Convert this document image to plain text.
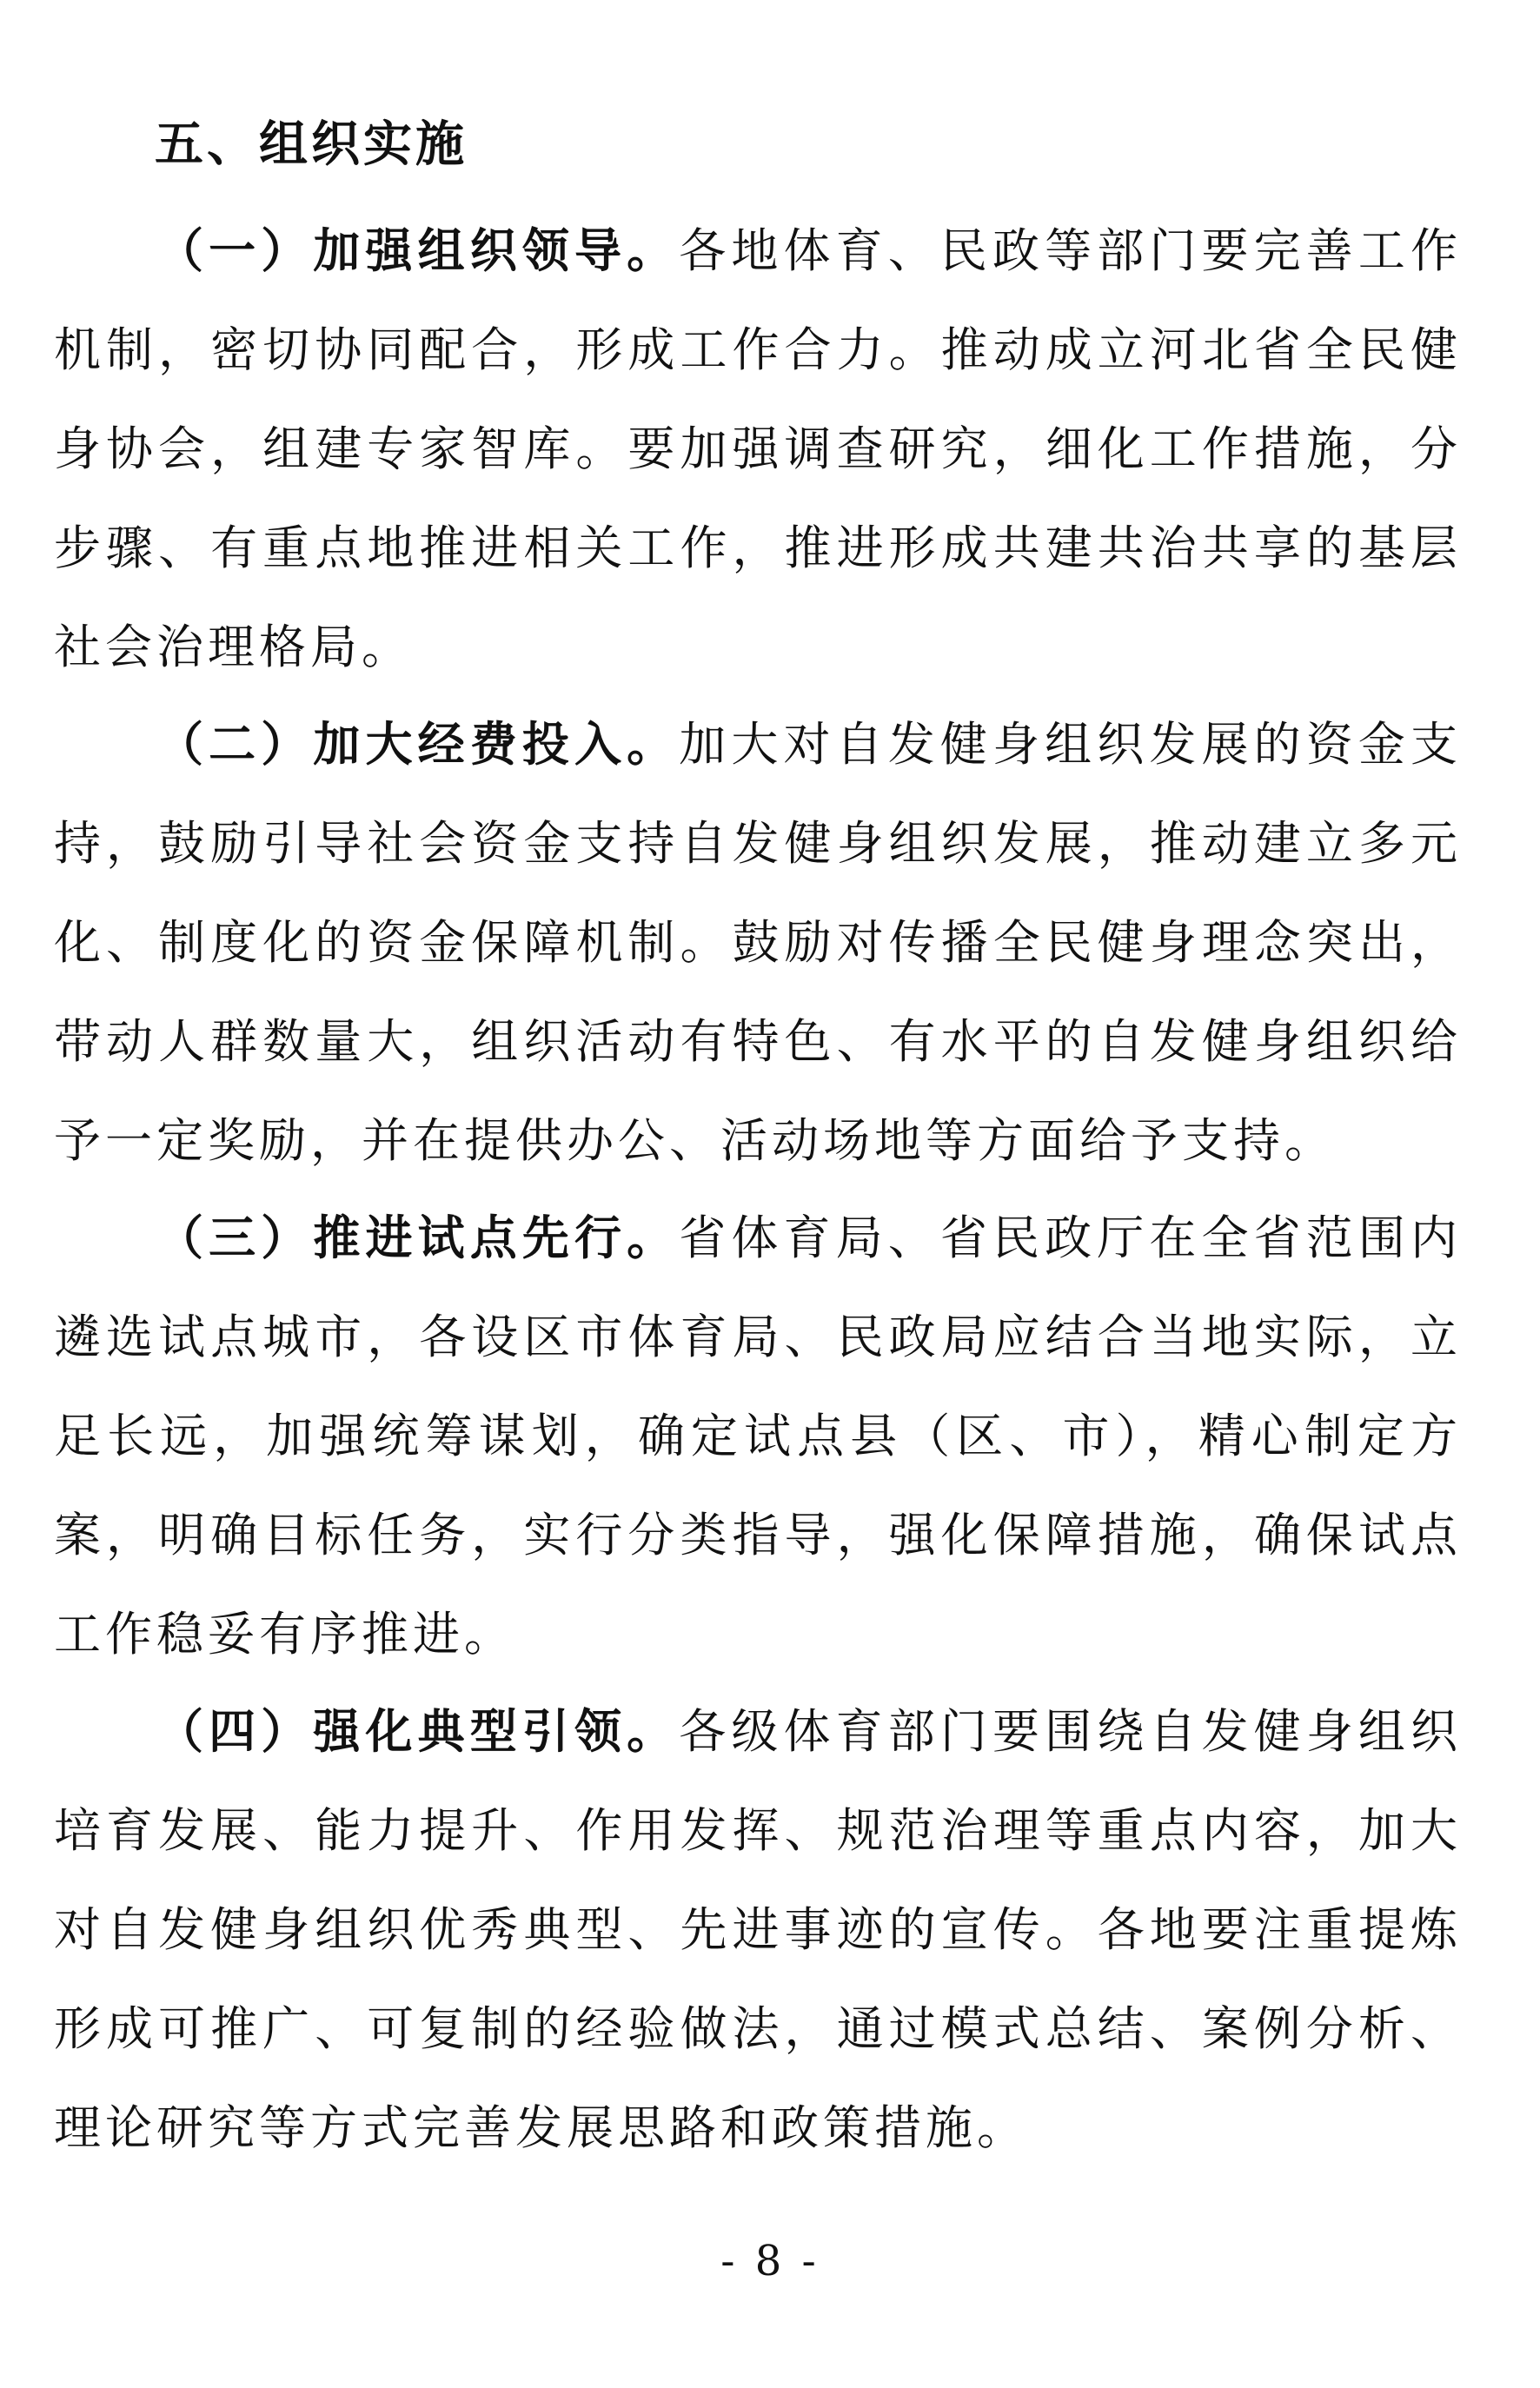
五、组织实施
（一）加强组织领导。各地体育、民政等部门要完善工作机制，密切协同配合，形成工作合力。推动成立河北省全民健身协会，组建专家智库。要加强调查研究，细化工作措施，分步骤、有重点地推进相关工作，推进形成共建共治共享的基层社会治理格局。
（二）加大经费投入。加大对自发健身组织发展的资金支持，鼓励引导社会资金支持自发健身组织发展，推动建立多元化、制度化的资金保障机制。鼓励对传播全民健身理念突出，带动人群数量大，组织活动有特色、有水平的自发健身组织给予一定奖励，并在提供办公、活动场地等方面给予支持。
（三）推进试点先行。省体育局、省民政厅在全省范围内遴选试点城市，各设区市体育局、民政局应结合当地实际，立足长远，加强统筹谋划，确定试点县（区、市），精心制定方案，明确目标任务，实行分类指导，强化保障措施，确保试点工作稳妥有序推进。
（四）强化典型引领。各级体育部门要围绕自发健身组织培育发展、能力提升、作用发挥、规范治理等重点内容，加大对自发健身组织优秀典型、先进事迹的宣传。各地要注重提炼形成可推广、可复制的经验做法，通过模式总结、案例分析、理论研究等方式完善发展思路和政策措施。
- 8 -
